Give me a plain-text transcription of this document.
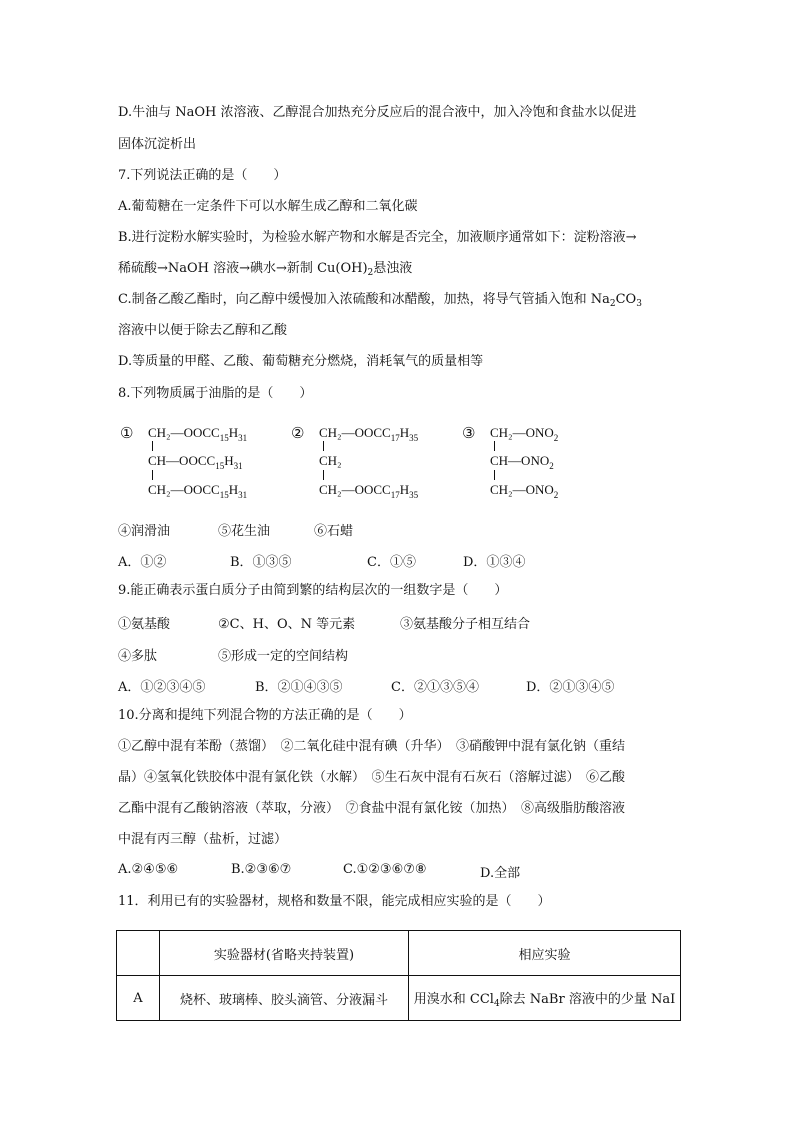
D.牛油与 NaOH 浓溶液、乙醇混合加热充分反应后的混合液中，加入冷饱和食盐水以促进
固体沉淀析出
7.下列说法正确的是（　　）
A.葡萄糖在一定条件下可以水解生成乙醇和二氧化碳
B.进行淀粉水解实验时，为检验水解产物和水解是否完全，加液顺序通常如下：淀粉溶液→
稀硫酸→NaOH 溶液→碘水→新制 $Cu(OH)_2$悬浊液
C.制备乙酸乙酯时，向乙醇中缓慢加入浓硫酸和冰醋酸，加热，将导气管插入饱和 $Na_2CO_3$
溶液中以便于除去乙醇和乙酸
D.等质量的甲醛、乙酸、葡萄糖充分燃烧，消耗氧气的质量相等
8.下列物质属于油脂的是（　　）
① $CH_2—OOCC_{15}H_{31}$
$CH—OOCC_{15}H_{31}$
$CH_2—OOCC_{15}H_{31}$
② $CH_2—OOCC_{17}H_{35}$
CH₂
$CH_2—OOCC_{17}H_{35}$
③ $CH_2—ONO_2$
$CH—ONO_2$
$CH_2—ONO_2$
④润滑油	⑤花生油	⑥石蜡
A．①②	B．①③⑤	C．①⑤	D．①③④
9.能正确表示蛋白质分子由简到繁的结构层次的一组数字是（　　）
①氨基酸	②C、H、O、N 等元素	③氨基酸分子相互结合
④多肽	⑤形成一定的空间结构
A．①②③④⑤	B．②①④③⑤	C．②①③⑤④	D．②①③④⑤
10.分离和提纯下列混合物的方法正确的是（　　）
①乙醇中混有苯酚（蒸馏）　②二氧化硅中混有碘（升华）　③硝酸钾中混有氯化钠（重结
晶）④氢氧化铁胶体中混有氯化铁（水解）　⑤生石灰中混有石灰石（溶解过滤）　⑥乙酸
乙酯中混有乙酸钠溶液（萃取，分液）　⑦食盐中混有氯化铵（加热）　⑧高级脂肪酸溶液
中混有丙三醇（盐析，过滤）
A.②④⑤⑥	B.②③⑥⑦	C.①②③⑥⑦⑧	D.全部
11．利用已有的实验器材，规格和数量不限，能完成相应实验的是（　　）
	实验器材(省略夹持装置)	相应实验
A	烧杯、玻璃棒、胶头滴管、分液漏斗	用溴水和 CCl$_4$除去 NaBr 溶液中的少量 NaI
